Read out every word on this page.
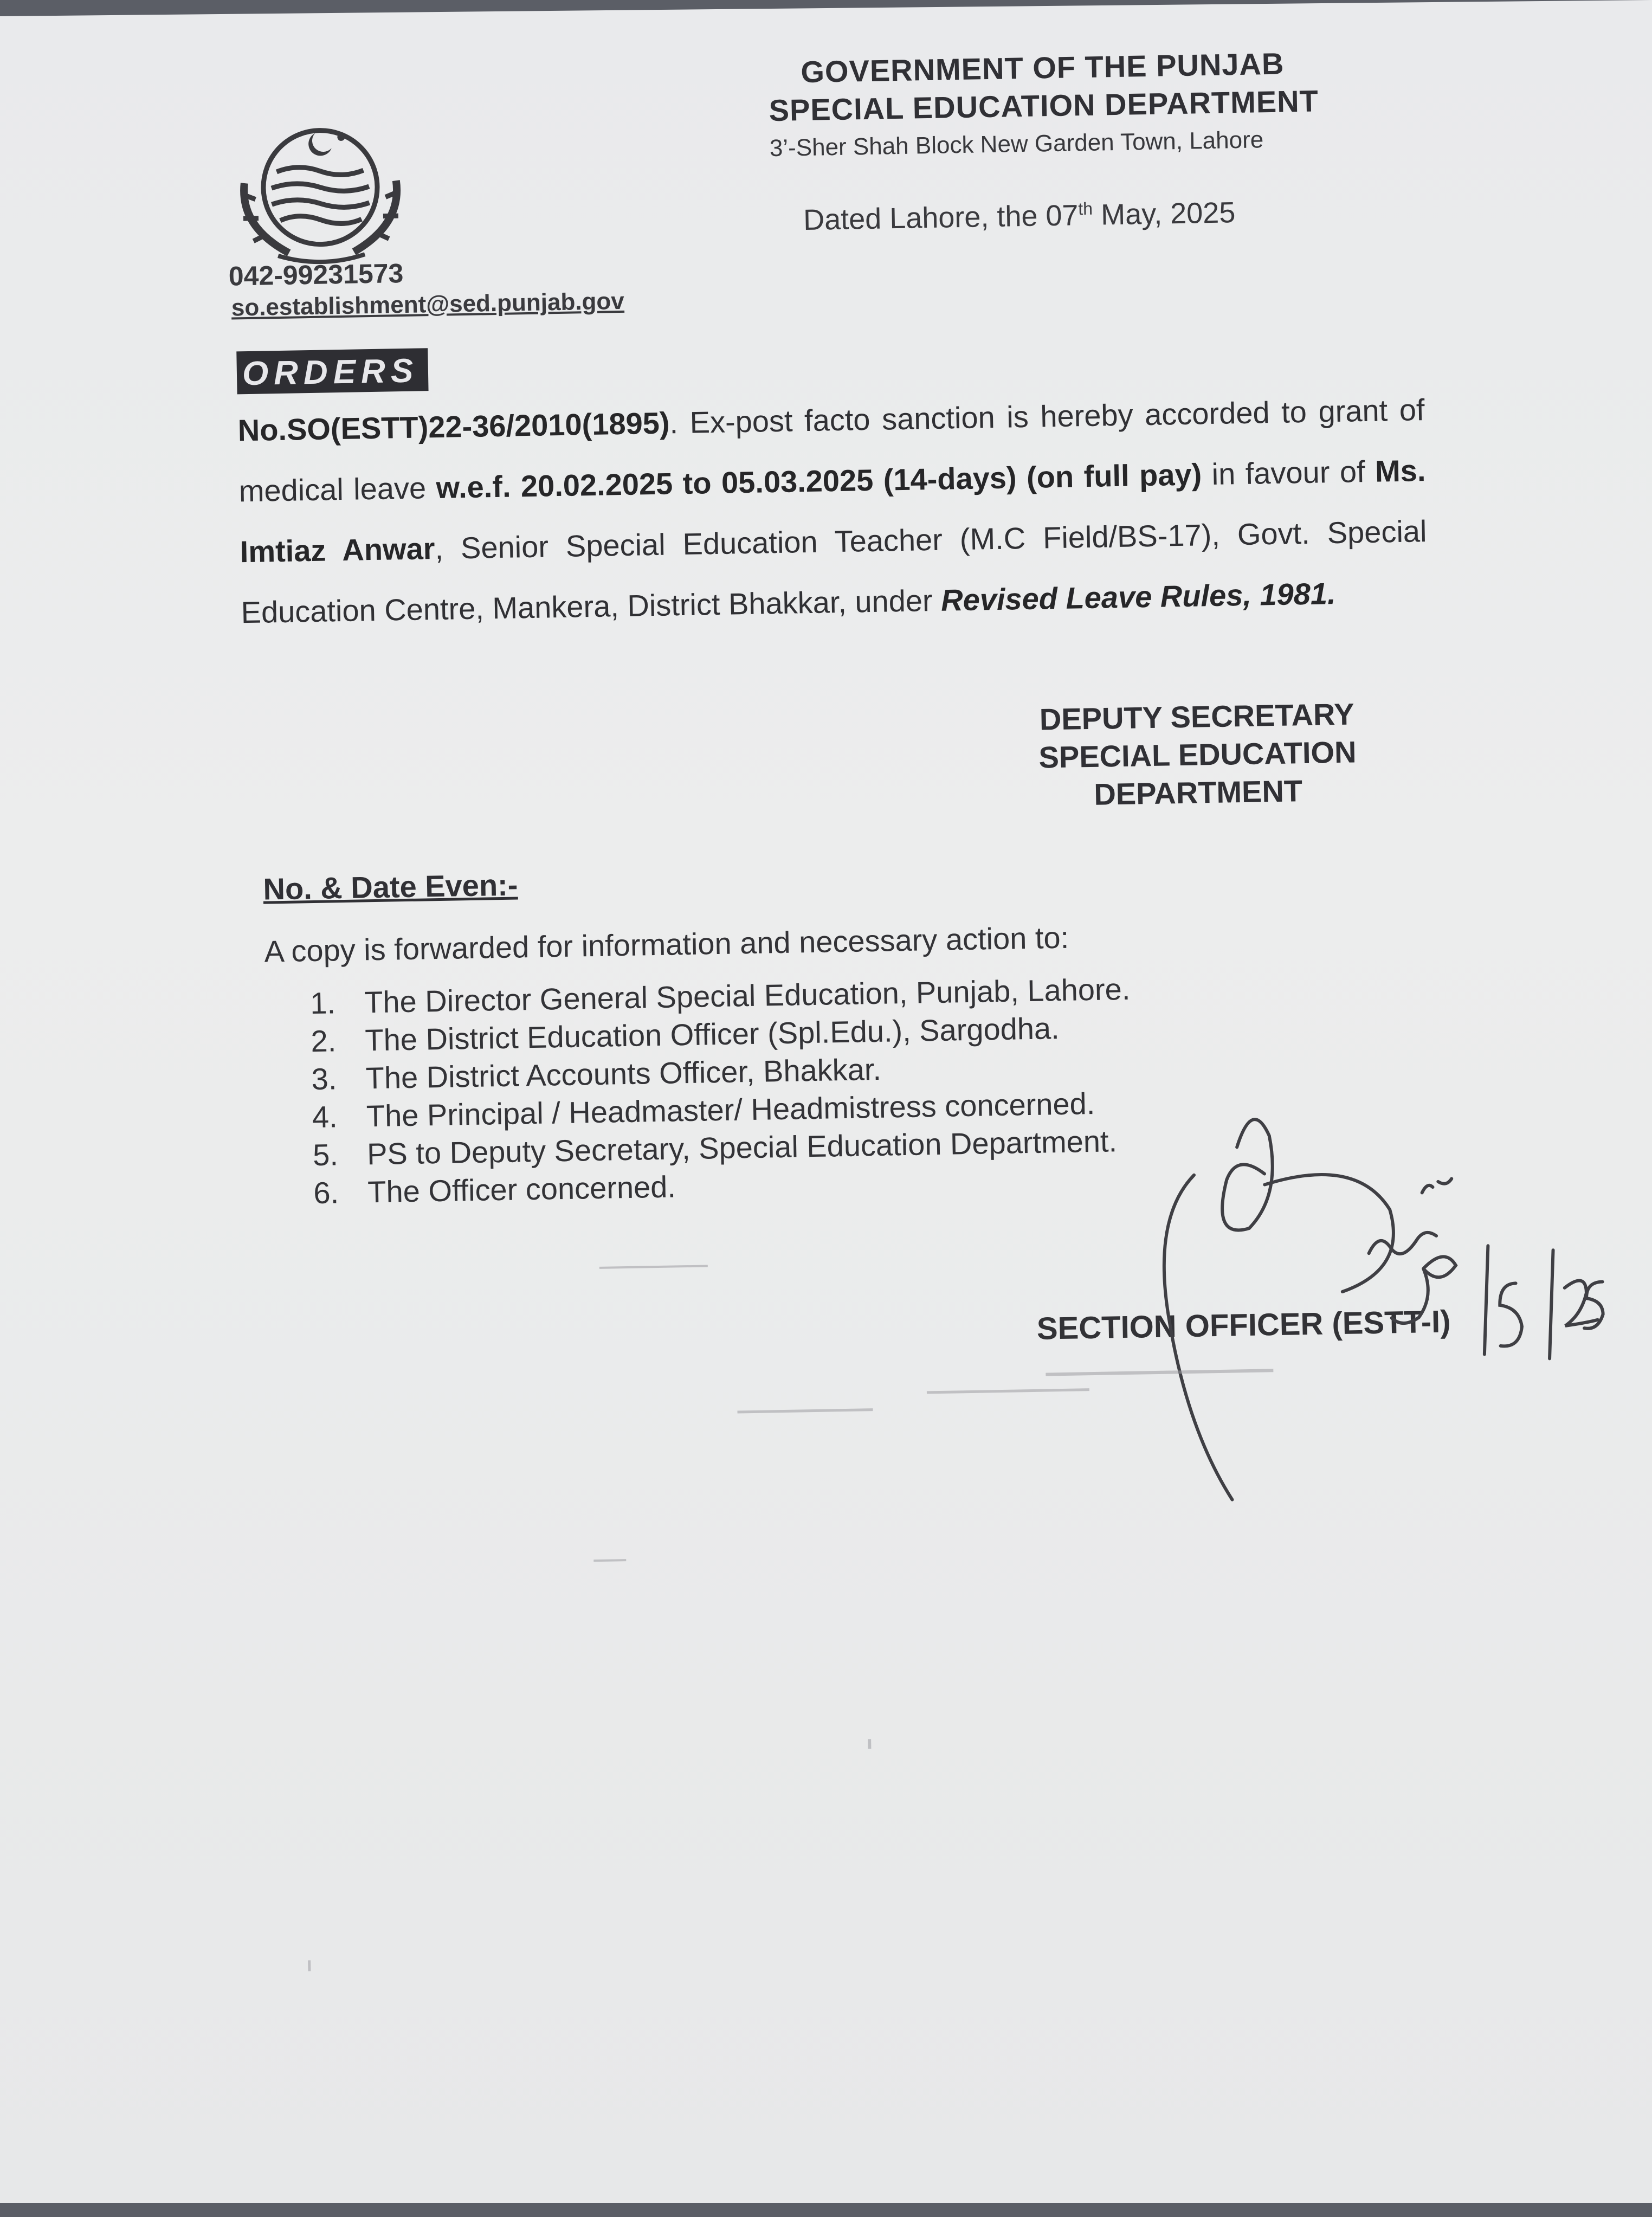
GOVERNMENT OF THE PUNJAB
SPECIAL EDUCATION DEPARTMENT
3’-Sher Shah Block New Garden Town, Lahore
Dated Lahore, the 07th May, 2025
042-99231573
so.establishment@sed.punjab.gov
ORDERS
No.SO(ESTT)22-36/2010(1895). Ex-post facto sanction is hereby accorded to grant of medical leave w.e.f. 20.02.2025 to 05.03.2025 (14-days) (on full pay) in favour of Ms. Imtiaz Anwar, Senior Special Education Teacher (M.C Field/BS-17), Govt. Special Education Centre, Mankera, District Bhakkar, under Revised Leave Rules, 1981.
DEPUTY SECRETARY
SPECIAL EDUCATION
DEPARTMENT
No. & Date Even:-
A copy is forwarded for information and necessary action to:
1. The Director General Special Education, Punjab, Lahore.
2. The District Education Officer (Spl.Edu.), Sargodha.
3. The District Accounts Officer, Bhakkar.
4. The Principal / Headmaster/ Headmistress concerned.
5. PS to Deputy Secretary, Special Education Department.
6. The Officer concerned.
SECTION OFFICER (ESTT-I)
